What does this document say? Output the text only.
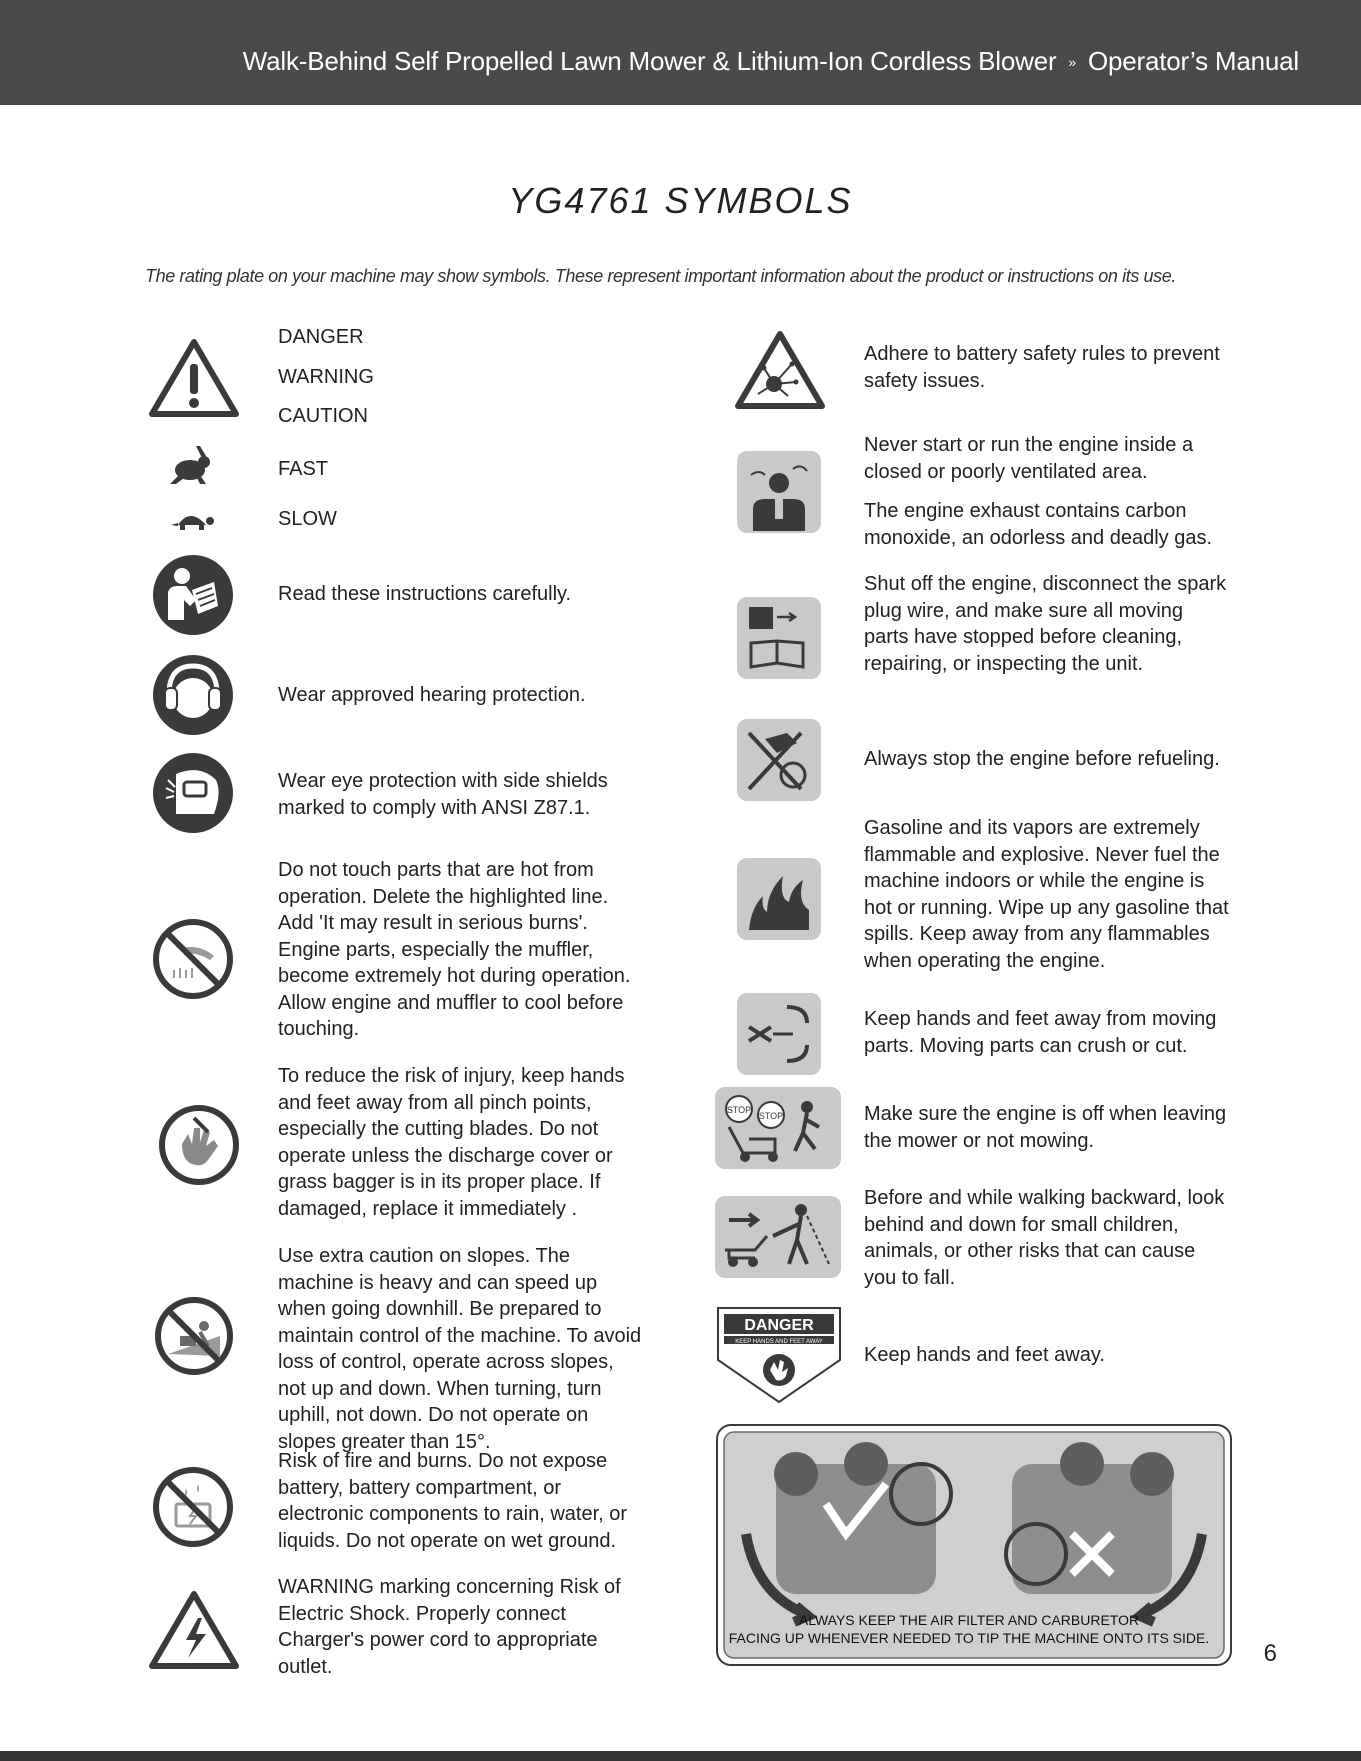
Walk-Behind Self Propelled Lawn Mower & Lithium-Ion Cordless Blower » Operator’s Manual
YG4761 SYMBOLS
The rating plate on your machine may show symbols. These represent important information about the product or instructions on its use.
DANGER
WARNING
CAUTION
FAST
SLOW
Read these instructions carefully.
Wear approved hearing protection.
Wear eye protection with side shields marked to comply with ANSI Z87.1.
Do not touch parts that are hot from operation. Delete the highlighted line. Add 'It may result in serious burns'. Engine parts, especially the muffler, become extremely hot during operation. Allow engine and muffler to cool before touching.
To reduce the risk of injury, keep hands and feet away from all pinch points, especially the cutting blades. Do not operate unless the discharge cover or grass bagger is in its proper place. If damaged, replace it immediately .
Use extra caution on slopes. The machine is heavy and can speed up when going downhill. Be prepared to maintain control of the machine. To avoid loss of control, operate across slopes, not up and down. When turning, turn uphill, not down. Do not operate on slopes greater than 15°.
Risk of fire and burns. Do not expose battery, battery compartment, or electronic components to rain, water, or liquids. Do not operate on wet ground.
WARNING marking concerning Risk of Electric Shock. Properly connect Charger's power cord to appropriate outlet.
Adhere to battery safety rules to prevent safety issues.
Never start or run the engine inside a closed or poorly ventilated area.
The engine exhaust contains carbon monoxide, an odorless and deadly gas.
Shut off the engine, disconnect the spark plug wire, and make sure all moving parts have stopped before cleaning, repairing, or inspecting the unit.
Always stop the engine before refueling.
Gasoline and its vapors are extremely flammable and explosive. Never fuel the machine indoors or while the engine is hot or running. Wipe up any gasoline that spills. Keep away from any flammables when operating the engine.
Keep hands and feet away from moving parts. Moving parts can crush or cut.
STOP
STOP	Make sure the engine is off when leaving the mower or not mowing.
Before and while walking backward, look behind and down for small children, animals, or other risks that can cause you to fall.
DANGER
KEEP HANDS AND FEET AWAY
Keep hands and feet away.
ALWAYS KEEP THE AIR FILTER AND CARBURETOR
FACING UP WHENEVER NEEDED TO TIP THE MACHINE ONTO ITS SIDE.
6
